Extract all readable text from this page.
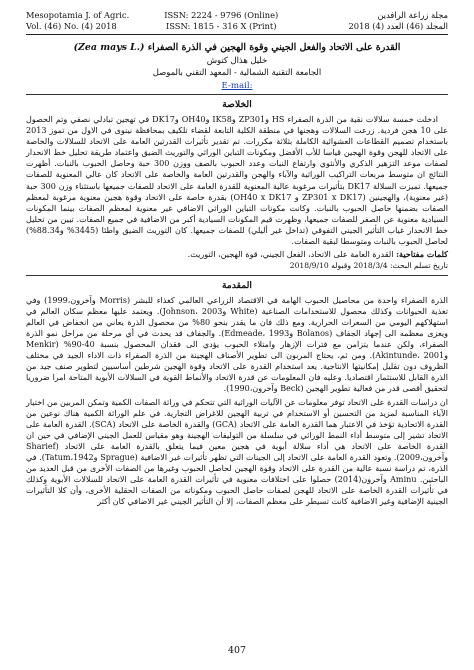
Mesopotamia J. of Agric.	ISSN: 2224 - 9796 (Online)	مجلة زراعة الرافدين
Vol. (46) No. (4) 2018	ISSN: 1815 - 316 X (Print)	المجلد (46) العدد (4) 2018

القدرة على الاتحاد والفعل الجيني وقوة الهجين في الذرة الصفراء (Zea mays L.)

خليل هذال كتوش

الجامعة التقنية الشمالية - المعهد التقني بالموصل

E-mail:

الخلاصة

ادخلت خمسة سلالات نقية من الذرة الصفراء HS وZP301 وIK58 وOH40 وDK17 في تهجين تبادلي نصفي وتم الحصول على 10 هجن فردية. زرعت السلالات وهجنها في منطقة الكلية التابعة لقضاء تلكيف بمحافظة نينوى في الاول من تموز 2013 باستخدام تصميم القطاعات العشوائية الكاملة بثلاثة مكررات. تم تقدير تأثيرات القدرتين العامة على الاتحاد للسلالات والخاصة على الاتحاد للهجن وقوة الهجين قياسا للأب الأفضل ومكونات التباين الوراثي والتوريث الضيق واعتماد طريقة تحليل خط الانحدار لصفات موعد التزهير الذكري والأنثوي وارتفاع النبات وعدد الحبوب بالصف ووزن 300 حبة وحاصل الحبوب بالنبات. أظهرت النتائج ان متوسط مربعات التراكيب الوراثية والآباء والهجن والقدرتين العامة والخاصة على الاتحاد كان عالي المعنوية للصفات جميعها. تميزت السلالة DK17 بتأثيرات مرغوبة عالية المعنوية للقدرة العامة على الاتحاد للصفات جميعها باستثناء وزن 300 حبة (غير معنوية)، والهجينين (ZP301 x DK17 و OH40 x DK17) بقدرة خاصة على الاتحاد وقوة هجين معنوية مرغوبة لمعظم الصفات بضمنها حاصل الحبوب بالنبات. وكانت مكونات التباين الوراثي الاضافي غير معنوية لمعظم الصفات بينما المكونات السيادية معنوية عن الصفر للصفات جميعها، وظهرت قيم المكونات السيادية أكبر من الاضافية في جميع الصفات. تبين من تحليل خط الانحدار غياب التأثير الجيني التفوقي (تداخل غير أليلي) للصفات جميعها. كان التوريث الضيق واطئا (3445% و88.34%) لحاصل الحبوب بالنبات ومتوسطا لبقية الصفات.

كلمات مفتاحية: القدرة العامة على الاتحاد، الفعل الجيني، قوة الهجين، التوريث.

تاريخ تسلم البحث: 2018/3/4 وقبوله 2018/9/10

المقدمة

الذرة الصفراء واحدة من محاصيل الحبوب الهامة في الاقتصاد الزراعي العالمي كغذاء للبشر (Morris وآخرون،1999) وفي تغذية الحيوانات وكذلك محصول للاستخدامات الصناعية (White وJohnson، 2003). ويعتمد عليها معظم سكان العالم في استهلاكهم اليومي من السعرات الحرارية. ومع ذلك فان ما يقدر بنحو 80% من محصول الذرة يعاني من انخفاض في العالم ويعزى معظمه الى إجهاد الجفاف (Bolanos وEdmeade، 1993). والجفاف قد يحدث في أي مرحلة من مراحل نمو الذرة الصفراء، ولكن عندما يتزامن مع فترات الإزهار وامتلاء الحبوب يؤدي الى فقدان المحصول بنسبة 40-90% (Menkir وAkintunde، 2001). ومن ثم، يحتاج المربون الى تطوير الأصناف الهجينة من الذرة الصفراء ذات الاداء الجيد في مختلف الظروف دون تقليل إمكانيتها الانتاجية. يعد استخدام القدرة على الاتحاد وقوة الهجين شرطين أساسيين لتطوير صنف جيد من الذرة القابل للاستثمار اقتصاديا. وعليه فان المعلومات عن قدرة الاتحاد والأنماط القوية في السلالات الأبوية المتاحة امرا ضروريا لتحقيق أقصى قدر من فعالية تطوير الهجين (Beck وآخرون،1990).

ان دراسات القدرة على الاتحاد توفر معلومات عن الآليات الوراثية التي تتحكم في وراثة الصفات الكمية وتمكن المربين من اختيار الآباء المناسبة لمزيد من التحسين أو الاستخدام في تربية الهجين للاغراض التجارية. في علم الوراثة الكمية هناك نوعين من القدرة الاتحادية تؤخذ في الاعتبار هما القدرة العامة على الاتحاد (GCA) والقدرة الخاصة على الاتحاد (SCA). القدرة العامة على الاتحاد تشير إلى متوسط أداء النمط الوراثي في سلسلة من التوليفات الهجينة وهو مقياس للعمل الجيني الإضافي في حين ان القدرة الخاصة على الاتحاد هي أداء سلالة أبوية في هجين معين فيما يتعلق بالقدرة العامة على الاتحاد (Sharief وآخرون،2009). وتعود القدرة العامة على الاتحاد إلى الجينات التي تظهر تأثيرات غير الاضافية (Sprague وTatum،1942). في الذرة، تم دراسة نسبة عالية من القدرة على الاتحاد وقوة الهجين لحاصل الحبوب وغيرها من الصفات الأخرى من قبل العديد من الباحثين. Aminu وآخرون(2014) حصلوا على اختلافات معنوية في تأثيرات القدرة العامة على الاتحاد للسلالات الأبوية وكذلك في تأثيرات القدرة الخاصة على الاتحاد للهجن لصفات حاصل الحبوب ومكوناته من الصفات الحقلية الأخرى، وأن كلا التأثيرات الجينية الإضافية وغير الاضافية كانت تسيطر على معظم الصفات، إلا أن التأثير الجيني غير الاضافي كان أكثر

407
